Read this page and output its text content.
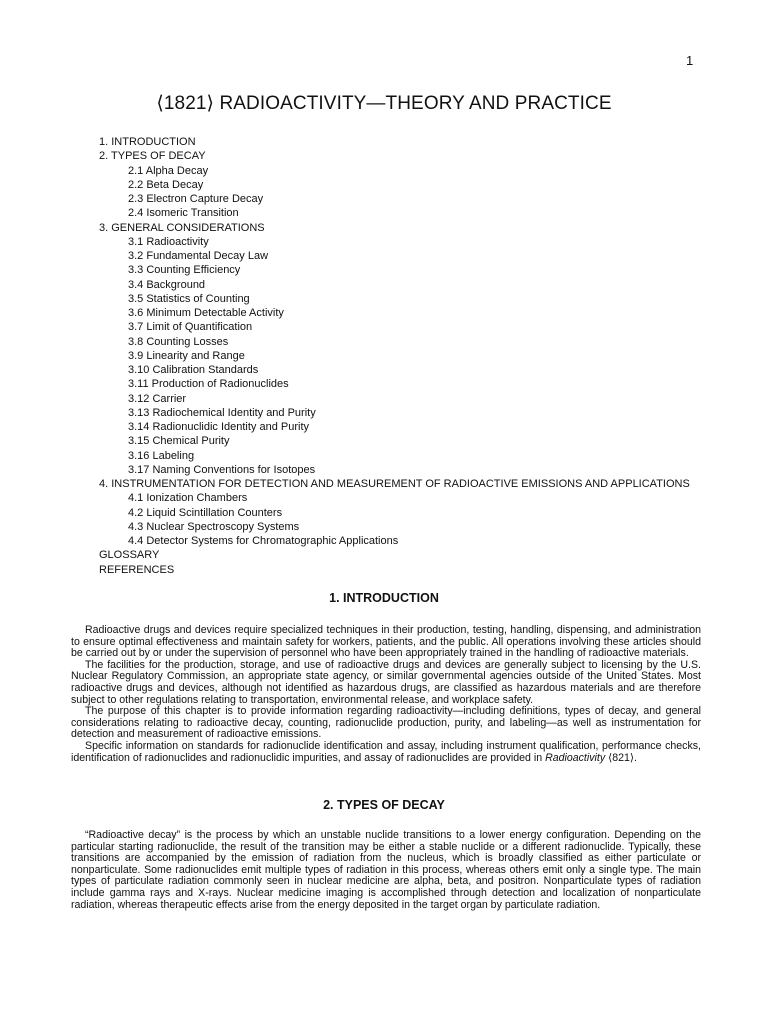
1
⟨1821⟩ RADIOACTIVITY—THEORY AND PRACTICE
1. INTRODUCTION
2. TYPES OF DECAY
2.1 Alpha Decay
2.2 Beta Decay
2.3 Electron Capture Decay
2.4 Isomeric Transition
3. GENERAL CONSIDERATIONS
3.1 Radioactivity
3.2 Fundamental Decay Law
3.3 Counting Efficiency
3.4 Background
3.5 Statistics of Counting
3.6 Minimum Detectable Activity
3.7 Limit of Quantification
3.8 Counting Losses
3.9 Linearity and Range
3.10 Calibration Standards
3.11 Production of Radionuclides
3.12 Carrier
3.13 Radiochemical Identity and Purity
3.14 Radionuclidic Identity and Purity
3.15 Chemical Purity
3.16 Labeling
3.17 Naming Conventions for Isotopes
4. INSTRUMENTATION FOR DETECTION AND MEASUREMENT OF RADIOACTIVE EMISSIONS AND APPLICATIONS
4.1 Ionization Chambers
4.2 Liquid Scintillation Counters
4.3 Nuclear Spectroscopy Systems
4.4 Detector Systems for Chromatographic Applications
GLOSSARY
REFERENCES
1. INTRODUCTION

Radioactive drugs and devices require specialized techniques in their production, testing, handling, dispensing, and administration to ensure optimal effectiveness and maintain safety for workers, patients, and the public. All operations involving these articles should be carried out by or under the supervision of personnel who have been appropriately trained in the handling of radioactive materials.

The facilities for the production, storage, and use of radioactive drugs and devices are generally subject to licensing by the U.S. Nuclear Regulatory Commission, an appropriate state agency, or similar governmental agencies outside of the United States. Most radioactive drugs and devices, although not identified as hazardous drugs, are classified as hazardous materials and are therefore subject to other regulations relating to transportation, environmental release, and workplace safety.

The purpose of this chapter is to provide information regarding radioactivity—including definitions, types of decay, and general considerations relating to radioactive decay, counting, radionuclide production, purity, and labeling—as well as instrumentation for detection and measurement of radioactive emissions.

Specific information on standards for radionuclide identification and assay, including instrument qualification, performance checks, identification of radionuclides and radionuclidic impurities, and assay of radionuclides are provided in Radioactivity ⟨821⟩.

2. TYPES OF DECAY

“Radioactive decay” is the process by which an unstable nuclide transitions to a lower energy configuration. Depending on the particular starting radionuclide, the result of the transition may be either a stable nuclide or a different radionuclide. Typically, these transitions are accompanied by the emission of radiation from the nucleus, which is broadly classified as either particulate or nonparticulate. Some radionuclides emit multiple types of radiation in this process, whereas others emit only a single type. The main types of particulate radiation commonly seen in nuclear medicine are alpha, beta, and positron. Nonparticulate types of radiation include gamma rays and X-rays. Nuclear medicine imaging is accomplished through detection and localization of nonparticulate radiation, whereas therapeutic effects arise from the energy deposited in the target organ by particulate radiation.
